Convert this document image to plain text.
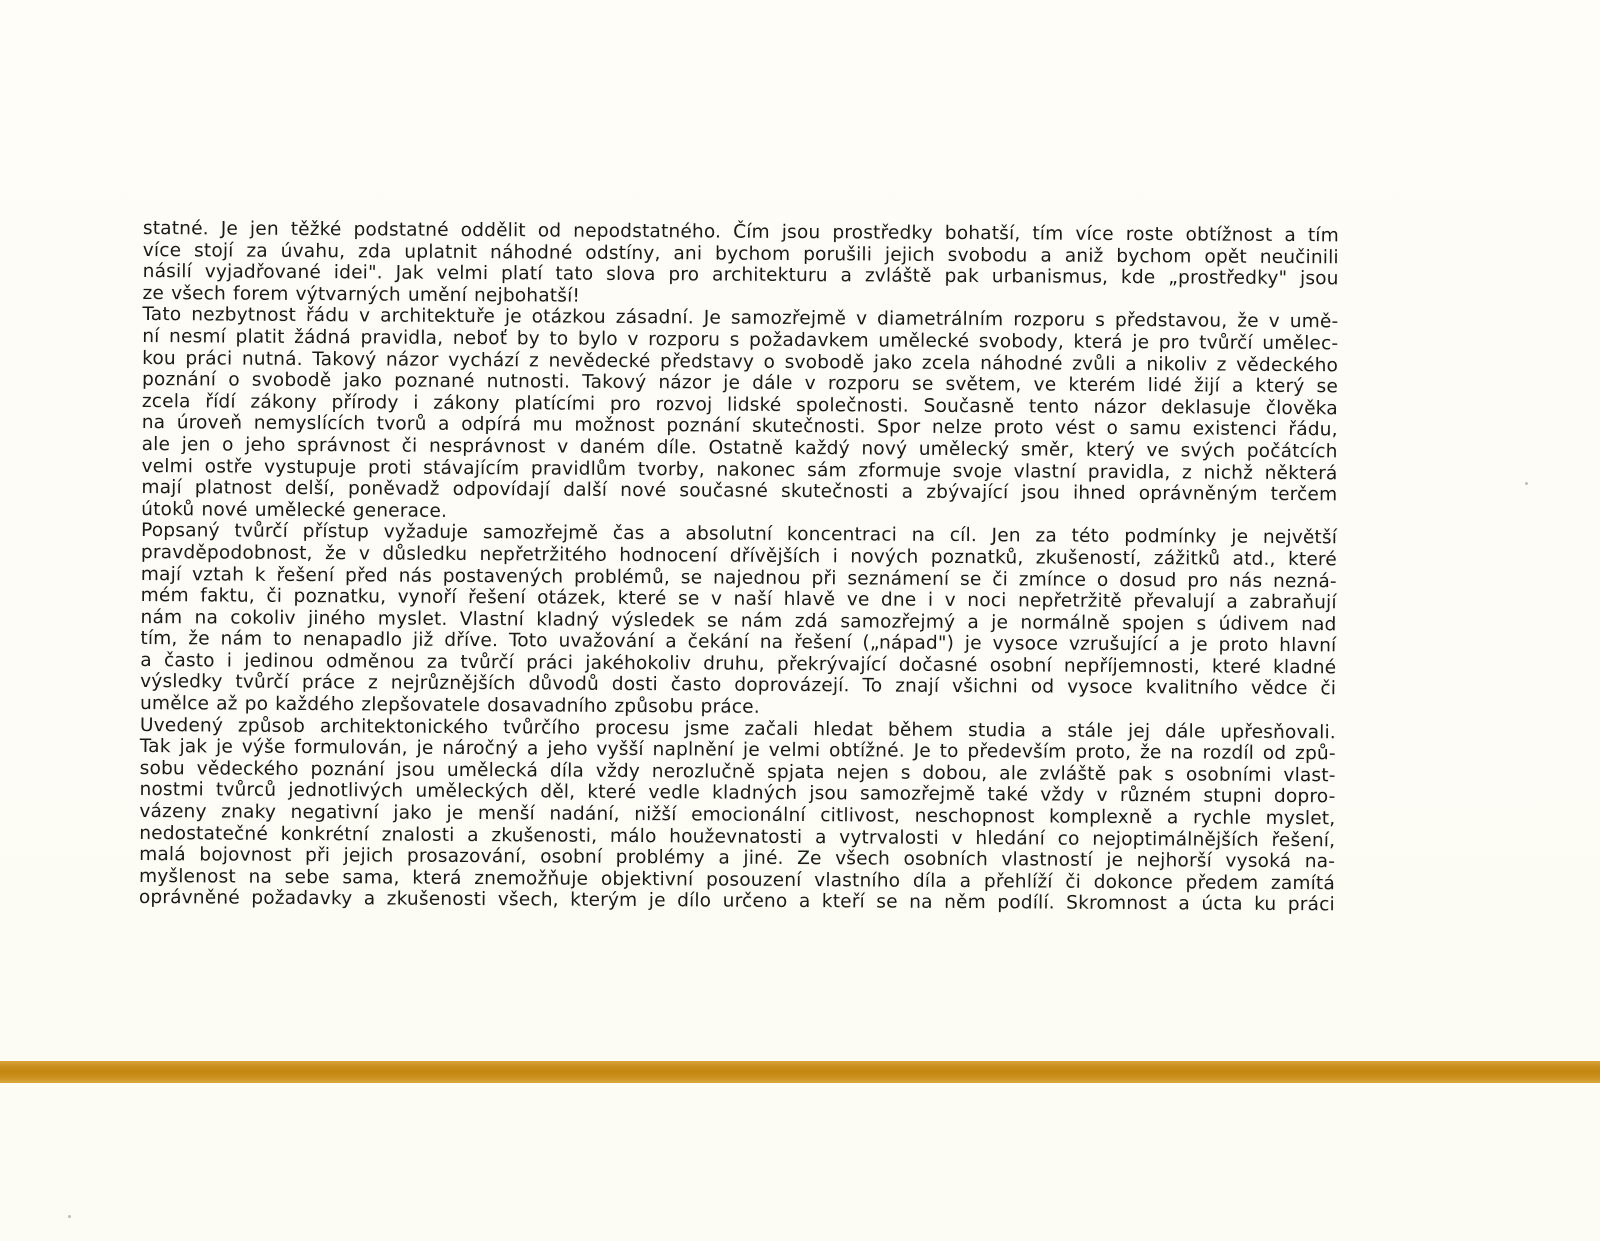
statné. Je jen těžké podstatné oddělit od nepodstatného. Čím jsou prostředky bohatší, tím více roste obtížnost a tím
více stojí za úvahu, zda uplatnit náhodné odstíny, ani bychom porušili jejich svobodu a aniž bychom opět neučinili
násilí vyjadřované idei". Jak velmi platí tato slova pro architekturu a zvláště pak urbanismus, kde „prostředky" jsou
ze všech forem výtvarných umění nejbohatší!
Tato nezbytnost řádu v architektuře je otázkou zásadní. Je samozřejmě v diametrálním rozporu s představou, že v umě-
ní nesmí platit žádná pravidla, neboť by to bylo v rozporu s požadavkem umělecké svobody, která je pro tvůrčí umělec-
kou práci nutná. Takový názor vychází z nevědecké představy o svobodě jako zcela náhodné zvůli a nikoliv z vědeckého
poznání o svobodě jako poznané nutnosti. Takový názor je dále v rozporu se světem, ve kterém lidé žijí a který se
zcela řídí zákony přírody i zákony platícími pro rozvoj lidské společnosti. Současně tento názor deklasuje člověka
na úroveň nemyslících tvorů a odpírá mu možnost poznání skutečnosti. Spor nelze proto vést o samu existenci řádu,
ale jen o jeho správnost či nesprávnost v daném díle. Ostatně každý nový umělecký směr, který ve svých počátcích
velmi ostře vystupuje proti stávajícím pravidlům tvorby, nakonec sám zformuje svoje vlastní pravidla, z nichž některá
mají platnost delší, poněvadž odpovídají další nové současné skutečnosti a zbývající jsou ihned oprávněným terčem
útoků nové umělecké generace.
Popsaný tvůrčí přístup vyžaduje samozřejmě čas a absolutní koncentraci na cíl. Jen za této podmínky je největší
pravděpodobnost, že v důsledku nepřetržitého hodnocení dřívějších i nových poznatků, zkušeností, zážitků atd., které
mají vztah k řešení před nás postavených problémů, se najednou při seznámení se či zmínce o dosud pro nás nezná-
mém faktu, či poznatku, vynoří řešení otázek, které se v naší hlavě ve dne i v noci nepřetržitě převalují a zabraňují
nám na cokoliv jiného myslet. Vlastní kladný výsledek se nám zdá samozřejmý a je normálně spojen s údivem nad
tím, že nám to nenapadlo již dříve. Toto uvažování a čekání na řešení („nápad") je vysoce vzrušující a je proto hlavní
a často i jedinou odměnou za tvůrčí práci jakéhokoliv druhu, překrývající dočasné osobní nepříjemnosti, které kladné
výsledky tvůrčí práce z nejrůznějších důvodů dosti často doprovázejí. To znají všichni od vysoce kvalitního vědce či
umělce až po každého zlepšovatele dosavadního způsobu práce.
Uvedený způsob architektonického tvůrčího procesu jsme začali hledat během studia a stále jej dále upřesňovali.
Tak jak je výše formulován, je náročný a jeho vyšší naplnění je velmi obtížné. Je to především proto, že na rozdíl od způ-
sobu vědeckého poznání jsou umělecká díla vždy nerozlučně spjata nejen s dobou, ale zvláště pak s osobními vlast-
nostmi tvůrců jednotlivých uměleckých děl, které vedle kladných jsou samozřejmě také vždy v různém stupni dopro-
vázeny znaky negativní jako je menší nadání, nižší emocionální citlivost, neschopnost komplexně a rychle myslet,
nedostatečné konkrétní znalosti a zkušenosti, málo houževnatosti a vytrvalosti v hledání co nejoptimálnějších řešení,
malá bojovnost při jejich prosazování, osobní problémy a jiné. Ze všech osobních vlastností je nejhorší vysoká na-
myšlenost na sebe sama, která znemožňuje objektivní posouzení vlastního díla a přehlíží či dokonce předem zamítá
oprávněné požadavky a zkušenosti všech, kterým je dílo určeno a kteří se na něm podílí. Skromnost a úcta ku práci
